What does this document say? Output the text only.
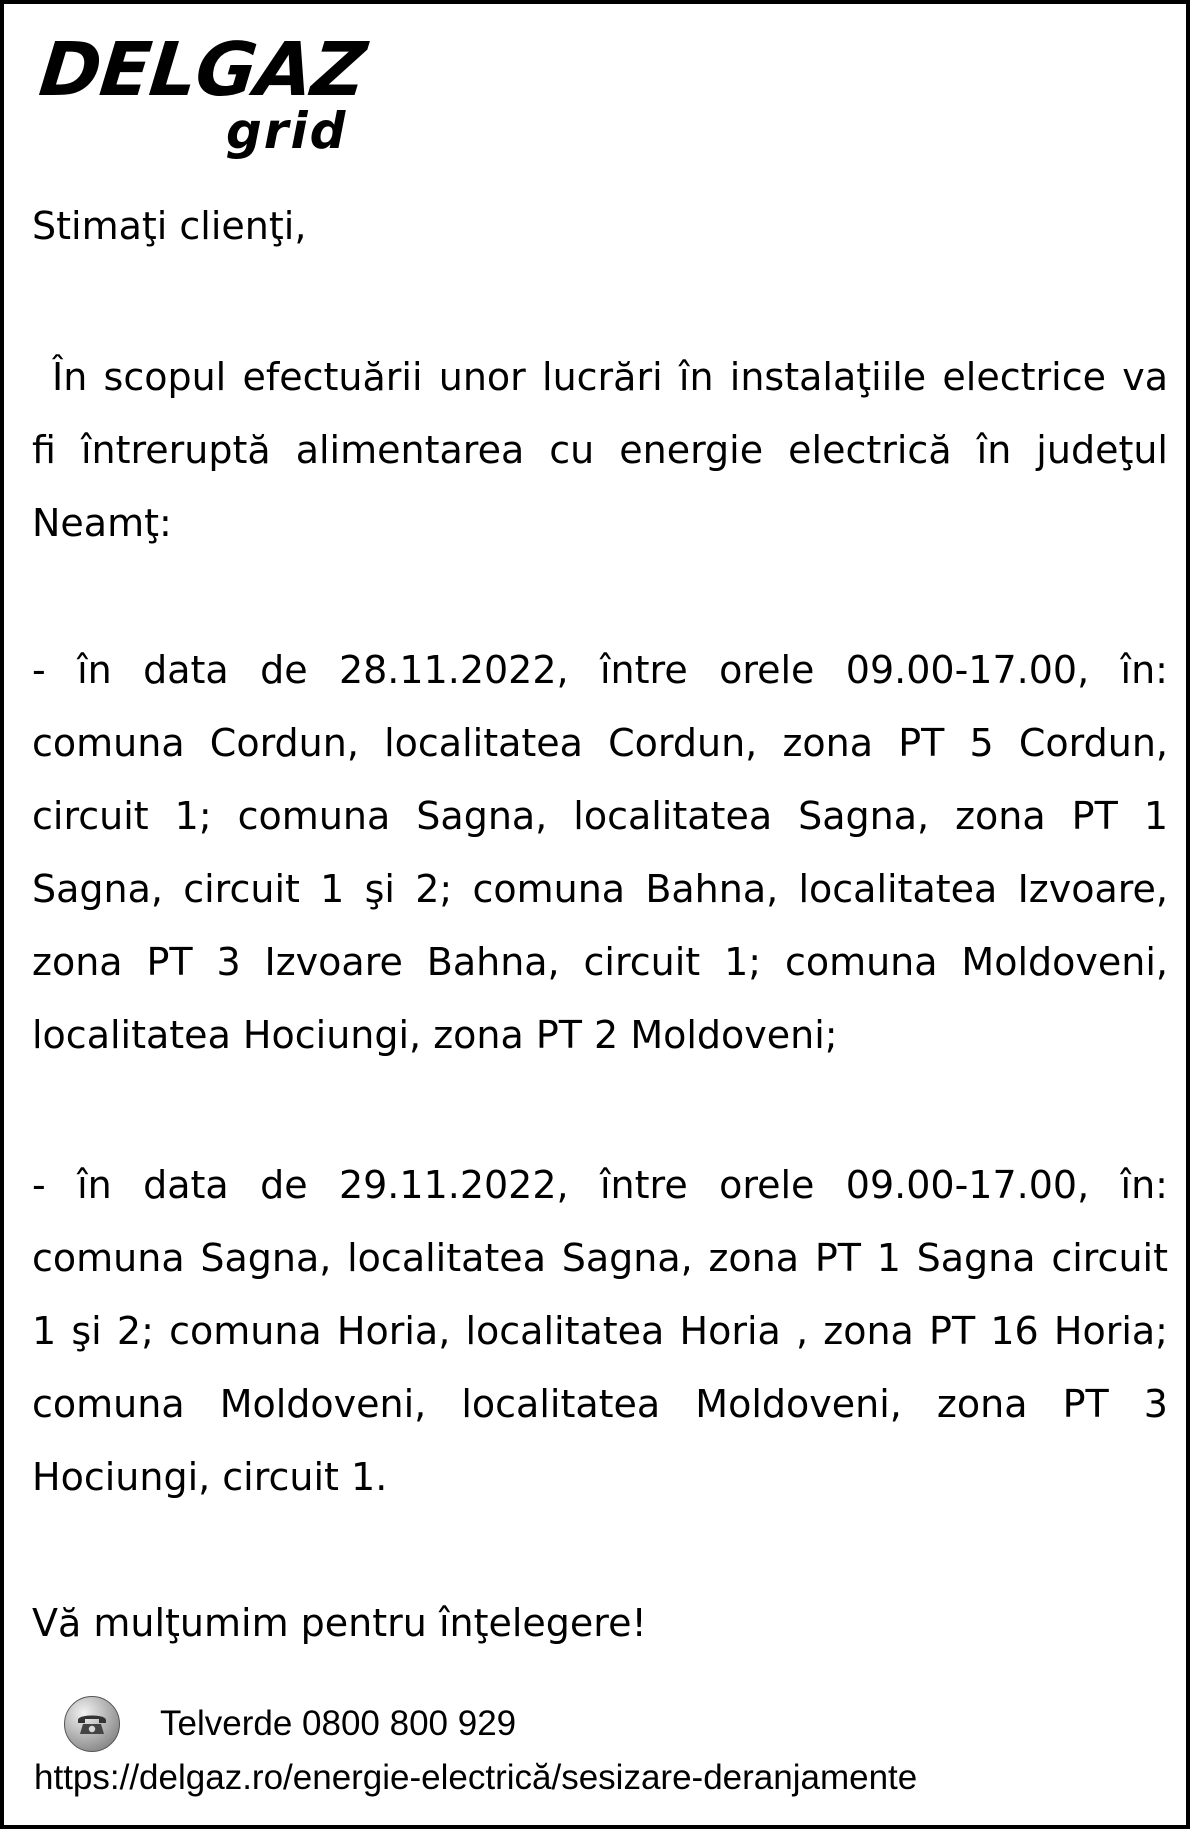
DELGAZ
grid
Stimaţi clienţi,
În scopul efectuării unor lucrări în instalaţiile electrice va fi întreruptă alimentarea cu energie electrică în judeţul Neamţ:
- în data de 28.11.2022, între orele 09.00-17.00, în: comuna Cordun, localitatea Cordun, zona PT 5 Cordun, circuit 1; comuna Sagna, localitatea Sagna, zona PT 1 Sagna, circuit 1 şi 2; comuna Bahna, localitatea Izvoare, zona PT 3 Izvoare Bahna, circuit 1; comuna Moldoveni, localitatea Hociungi, zona PT 2 Moldoveni;
- în data de 29.11.2022, între orele 09.00-17.00, în: comuna Sagna, localitatea Sagna, zona PT 1 Sagna circuit 1 şi 2; comuna Horia, localitatea Horia , zona PT 16 Horia; comuna Moldoveni, localitatea Moldoveni, zona PT 3 Hociungi, circuit 1.
Vă mulţumim pentru înţelegere!
Telverde 0800 800 929
https://delgaz.ro/energie-electrică/sesizare-deranjamente
